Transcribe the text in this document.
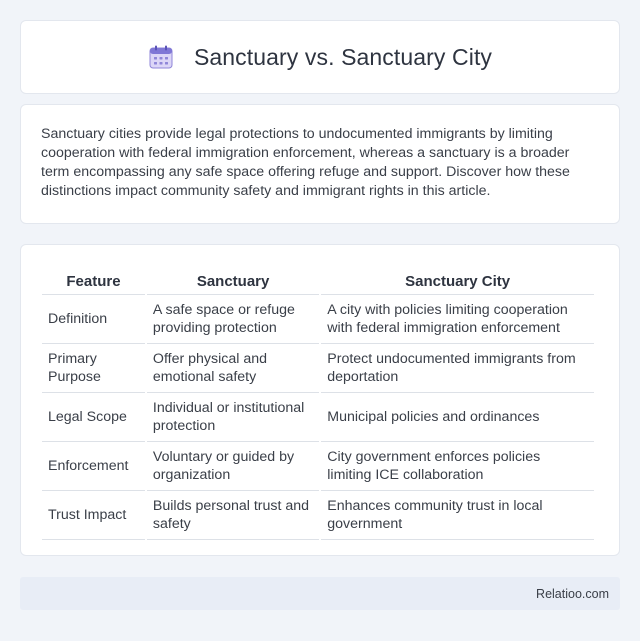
Sanctuary vs. Sanctuary City

Sanctuary cities provide legal protections to undocumented immigrants by limiting cooperation with federal immigration enforcement, whereas a sanctuary is a broader term encompassing any safe space offering refuge and support. Discover how these distinctions impact community safety and immigrant rights in this article.

Feature	Sanctuary	Sanctuary City
Definition	A safe space or refuge providing protection	A city with policies limiting cooperation with federal immigration enforcement
Primary Purpose	Offer physical and emotional safety	Protect undocumented immigrants from deportation
Legal Scope	Individual or institutional protection	Municipal policies and ordinances
Enforcement	Voluntary or guided by organization	City government enforces policies limiting ICE collaboration
Trust Impact	Builds personal trust and safety	Enhances community trust in local government
Relatioo.com
